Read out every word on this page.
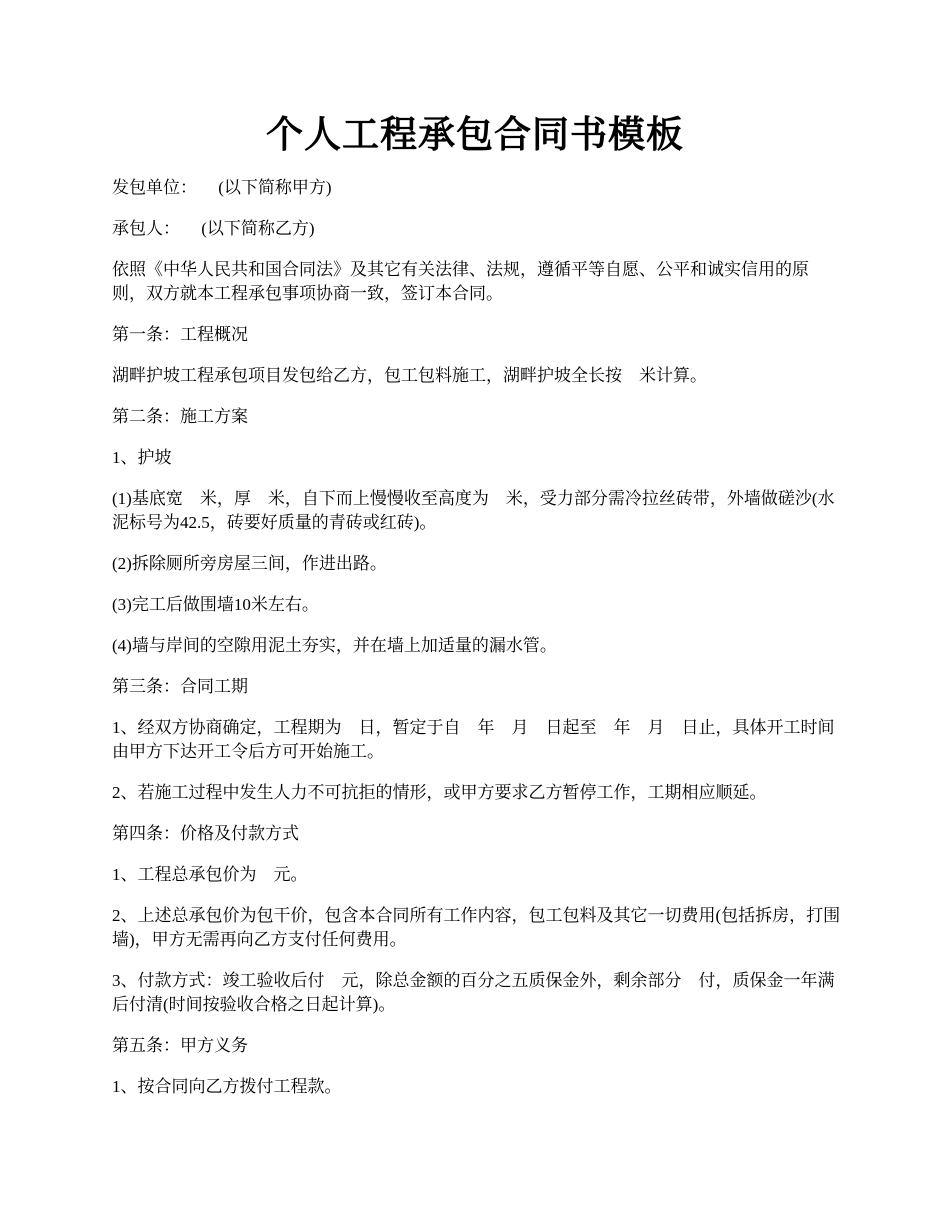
个人工程承包合同书模板

发包单位：     (以下简称甲方)

承包人：     (以下简称乙方)

依照《中华人民共和国合同法》及其它有关法律、法规，遵循平等自愿、公平和诚实信用的原则，双方就本工程承包事项协商一致，签订本合同。

第一条：工程概况

湖畔护坡工程承包项目发包给乙方，包工包料施工，湖畔护坡全长按　米计算。

第二条：施工方案

1、护坡

(1)基底宽　米，厚　米，自下而上慢慢收至高度为　米，受力部分需冷拉丝砖带，外墙做磋沙(水泥标号为42.5，砖要好质量的青砖或红砖)。

(2)拆除厕所旁房屋三间，作进出路。

(3)完工后做围墙10米左右。

(4)墙与岸间的空隙用泥土夯实，并在墙上加适量的漏水管。

第三条：合同工期

1、经双方协商确定，工程期为　日，暂定于自　年　月　日起至　年　月　日止，具体开工时间由甲方下达开工令后方可开始施工。

2、若施工过程中发生人力不可抗拒的情形，或甲方要求乙方暂停工作，工期相应顺延。

第四条：价格及付款方式

1、工程总承包价为　元。

2、上述总承包价为包干价，包含本合同所有工作内容，包工包料及其它一切费用(包括拆房，打围墙)，甲方无需再向乙方支付任何费用。

3、付款方式：竣工验收后付　元，除总金额的百分之五质保金外，剩余部分　付，质保金一年满后付清(时间按验收合格之日起计算)。

第五条：甲方义务

1、按合同向乙方拨付工程款。
